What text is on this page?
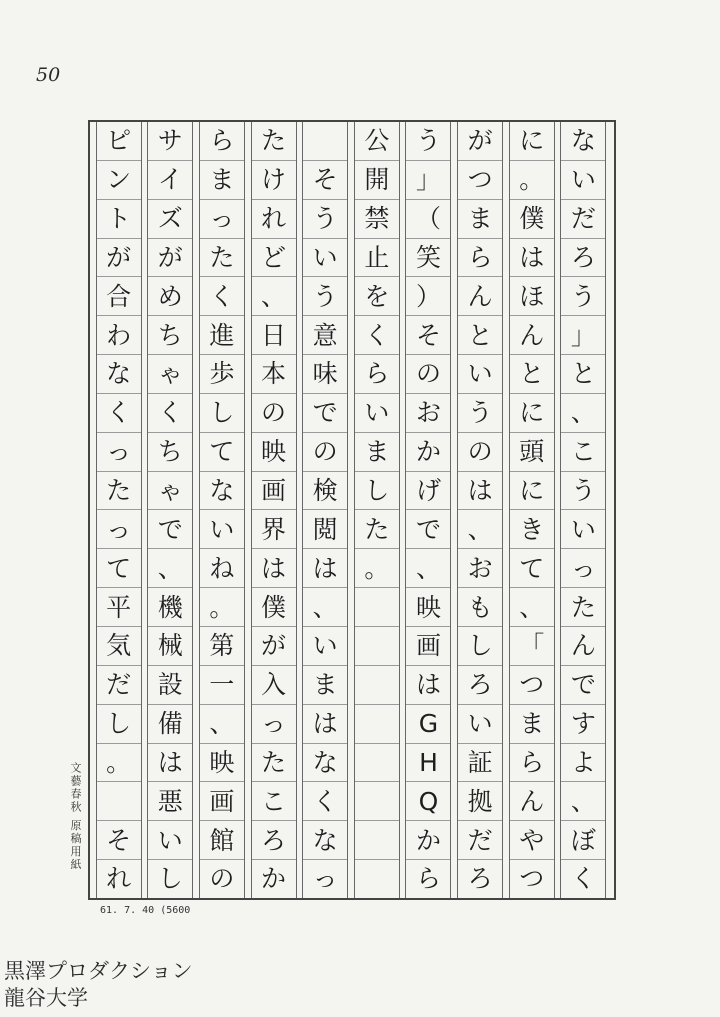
50
な
い
だ
ろ
う
」
と
、
こ
う
い
っ
た
ん
で
す
よ
、
ぼ
く
に
。
僕
は
ほ
ん
と
に
頭
に
き
て
、
「
つ
ま
ら
ん
や
つ
が
つ
ま
ら
ん
と
い
う
の
は
、
お
も
し
ろ
い
証
拠
だ
ろ
う
」
（
笑
）
そ
の
お
か
げ
で
、
映
画
は
G
H
Q
か
ら
公
開
禁
止
を
く
ら
い
ま
し
た
。
そ
う
い
う
意
味
で
の
検
閲
は
、
い
ま
は
な
く
な
っ
た
け
れ
ど
、
日
本
の
映
画
界
は
僕
が
入
っ
た
こ
ろ
か
ら
ま
っ
た
く
進
歩
し
て
な
い
ね
。
第
一
、
映
画
館
の
サ
イ
ズ
が
め
ち
ゃ
く
ち
ゃ
で
、
機
械
設
備
は
悪
い
し
ピ
ン
ト
が
合
わ
な
く
っ
た
っ
て
平
気
だ
し
。
そ
れ
文藝春秋 原稿用紙
61. 7. 40 (5600
黒澤プロダクション
龍谷大学
